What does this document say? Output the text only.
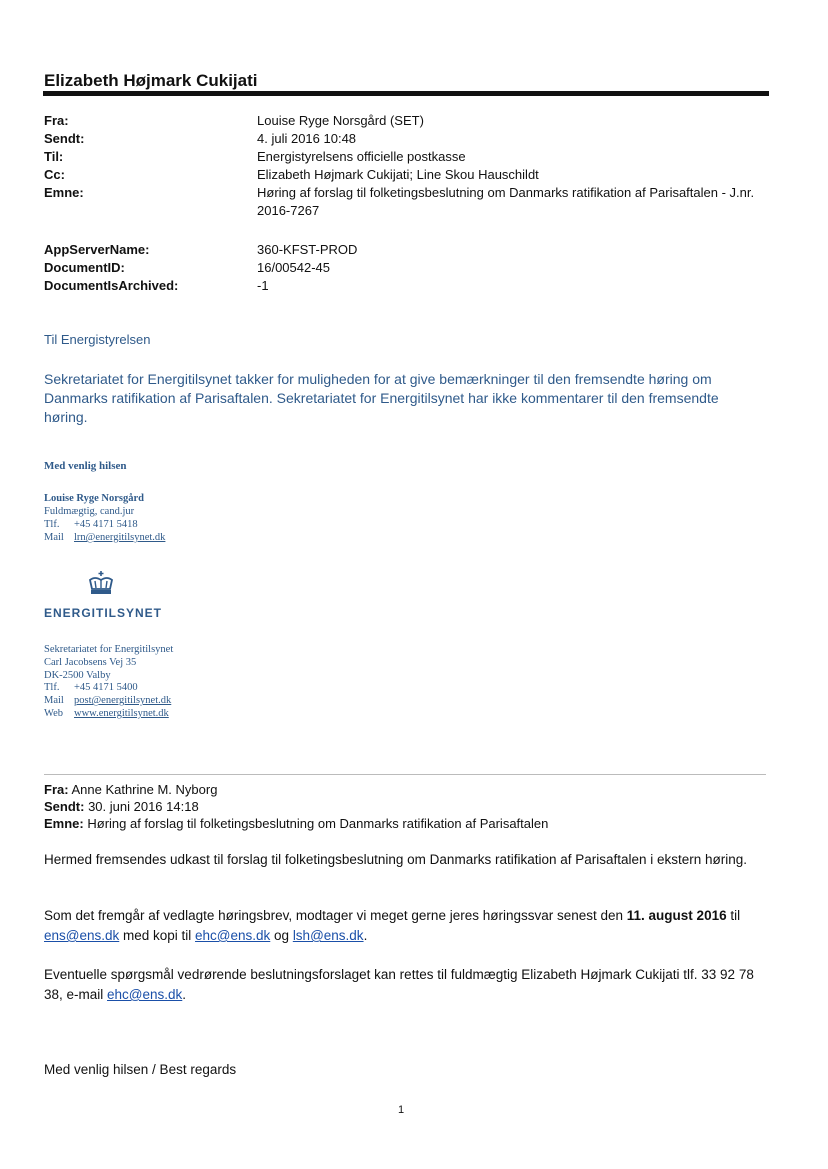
Elizabeth Højmark Cukijati
Fra:	Louise Ryge Norsgård (SET)
Sendt:	4. juli 2016 10:48
Til:	Energistyrelsens officielle postkasse
Cc:	Elizabeth Højmark Cukijati; Line Skou Hauschildt
Emne:	Høring af forslag til folketingsbeslutning om Danmarks ratifikation af Parisaftalen - J.nr. 2016-7267
AppServerName:	360-KFST-PROD
DocumentID:	16/00542-45
DocumentIsArchived:	-1
Til Energistyrelsen
Sekretariatet for Energitilsynet takker for muligheden for at give bemærkninger til den fremsendte høring om Danmarks ratifikation af Parisaftalen. Sekretariatet for Energitilsynet har ikke kommentarer til den fremsendte høring.
Med venlig hilsen
Louise Ryge Norsgård
Fuldmægtig, cand.jur
Tlf. +45 4171 5418
Mail lrn@energitilsynet.dk
ENERGITILSYNET
Sekretariatet for Energitilsynet
Carl Jacobsens Vej 35
DK-2500 Valby
Tlf. +45 4171 5400
Mail post@energitilsynet.dk
Web www.energitilsynet.dk
Fra: Anne Kathrine M. Nyborg
Sendt: 30. juni 2016 14:18
Emne: Høring af forslag til folketingsbeslutning om Danmarks ratifikation af Parisaftalen
Hermed fremsendes udkast til forslag til folketingsbeslutning om Danmarks ratifikation af Parisaftalen i ekstern høring.
Som det fremgår af vedlagte høringsbrev, modtager vi meget gerne jeres høringssvar senest den 11. august 2016 til ens@ens.dk med kopi til ehc@ens.dk og lsh@ens.dk.
Eventuelle spørgsmål vedrørende beslutningsforslaget kan rettes til fuldmægtig Elizabeth Højmark Cukijati tlf. 33 92 78 38, e-mail ehc@ens.dk.
Med venlig hilsen / Best regards
1
